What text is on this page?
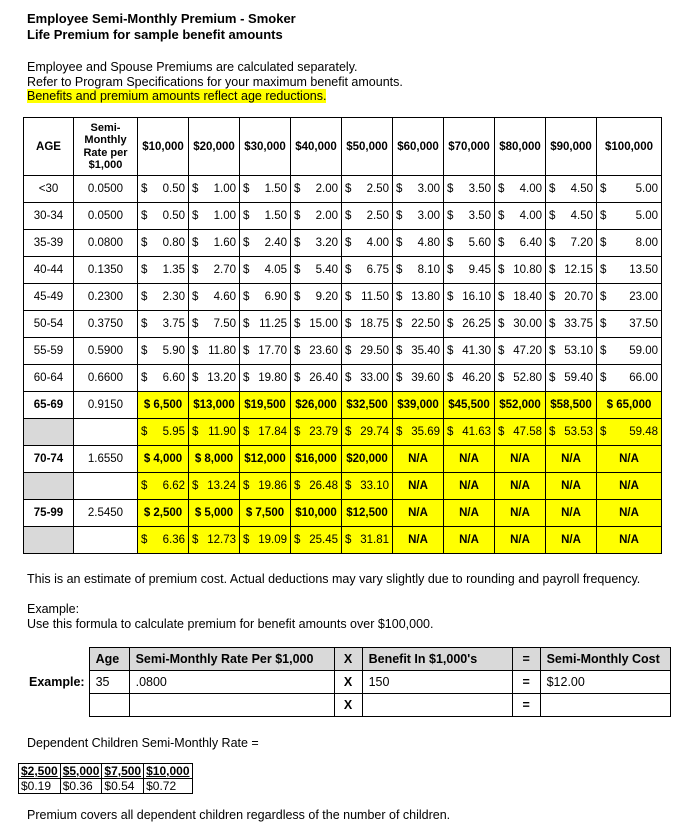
Employee Semi-Monthly Premium - Smoker
Life Premium for sample benefit amounts
Employee and Spouse Premiums are calculated separately.
Refer to Program Specifications for your maximum benefit amounts.
Benefits and premium amounts reflect age reductions.
AGE	Semi-Monthly Rate per $1,000	$10,000	$20,000	$30,000	$40,000	$50,000	$60,000	$70,000	$80,000	$90,000	$100,000
<30	0.0500	$ 0.50	$ 1.00	$ 1.50	$ 2.00	$ 2.50	$ 3.00	$ 3.50	$ 4.00	$ 4.50	$ 5.00

30-34	0.0500	$ 0.50	$ 1.00	$ 1.50	$ 2.00	$ 2.50	$ 3.00	$ 3.50	$ 4.00	$ 4.50	$ 5.00

35-39	0.0800	$ 0.80	$ 1.60	$ 2.40	$ 3.20	$ 4.00	$ 4.80	$ 5.60	$ 6.40	$ 7.20	$ 8.00

40-44	0.1350	$ 1.35	$ 2.70	$ 4.05	$ 5.40	$ 6.75	$ 8.10	$ 9.45	$ 10.80	$ 12.15	$ 13.50

45-49	0.2300	$ 2.30	$ 4.60	$ 6.90	$ 9.20	$ 11.50	$ 13.80	$ 16.10	$ 18.40	$ 20.70	$ 23.00

50-54	0.3750	$ 3.75	$ 7.50	$ 11.25	$ 15.00	$ 18.75	$ 22.50	$ 26.25	$ 30.00	$ 33.75	$ 37.50

55-59	0.5900	$ 5.90	$ 11.80	$ 17.70	$ 23.60	$ 29.50	$ 35.40	$ 41.30	$ 47.20	$ 53.10	$ 59.00

60-64	0.6600	$ 6.60	$ 13.20	$ 19.80	$ 26.40	$ 33.00	$ 39.60	$ 46.20	$ 52.80	$ 59.40	$ 66.00

65-69	0.9150	$ 6,500	$13,000	$19,500	$26,000	$32,500	$39,000	$45,500	$52,000	$58,500	$ 65,000

		$ 5.95	$ 11.90	$ 17.84	$ 23.79	$ 29.74	$ 35.69	$ 41.63	$ 47.58	$ 53.53	$ 59.48

70-74	1.6550	$ 4,000	$ 8,000	$12,000	$16,000	$20,000	N/A	N/A	N/A	N/A	N/A

		$ 6.62	$ 13.24	$ 19.86	$ 26.48	$ 33.10	N/A	N/A	N/A	N/A	N/A
75-99	2.5450	$ 2,500	$ 5,000	$ 7,500	$10,000	$12,500	N/A	N/A	N/A	N/A	N/A

		$ 6.36	$ 12.73	$ 19.09	$ 25.45	$ 31.81	N/A	N/A	N/A	N/A	N/A
This is an estimate of premium cost. Actual deductions may vary slightly due to rounding and payroll frequency.
Example:
Use this formula to calculate premium for benefit amounts over $100,000.
	Age	Semi-Monthly Rate Per $1,000	X	Benefit In $1,000's	=	Semi-Monthly Cost
Example:	35	.0800	X	150	=	$12.00
			X		=	
Dependent Children Semi-Monthly Rate =
$2,500	$5,000	$7,500	$10,000
$0.19	$0.36	$0.54	$0.72
Premium covers all dependent children regardless of the number of children.
